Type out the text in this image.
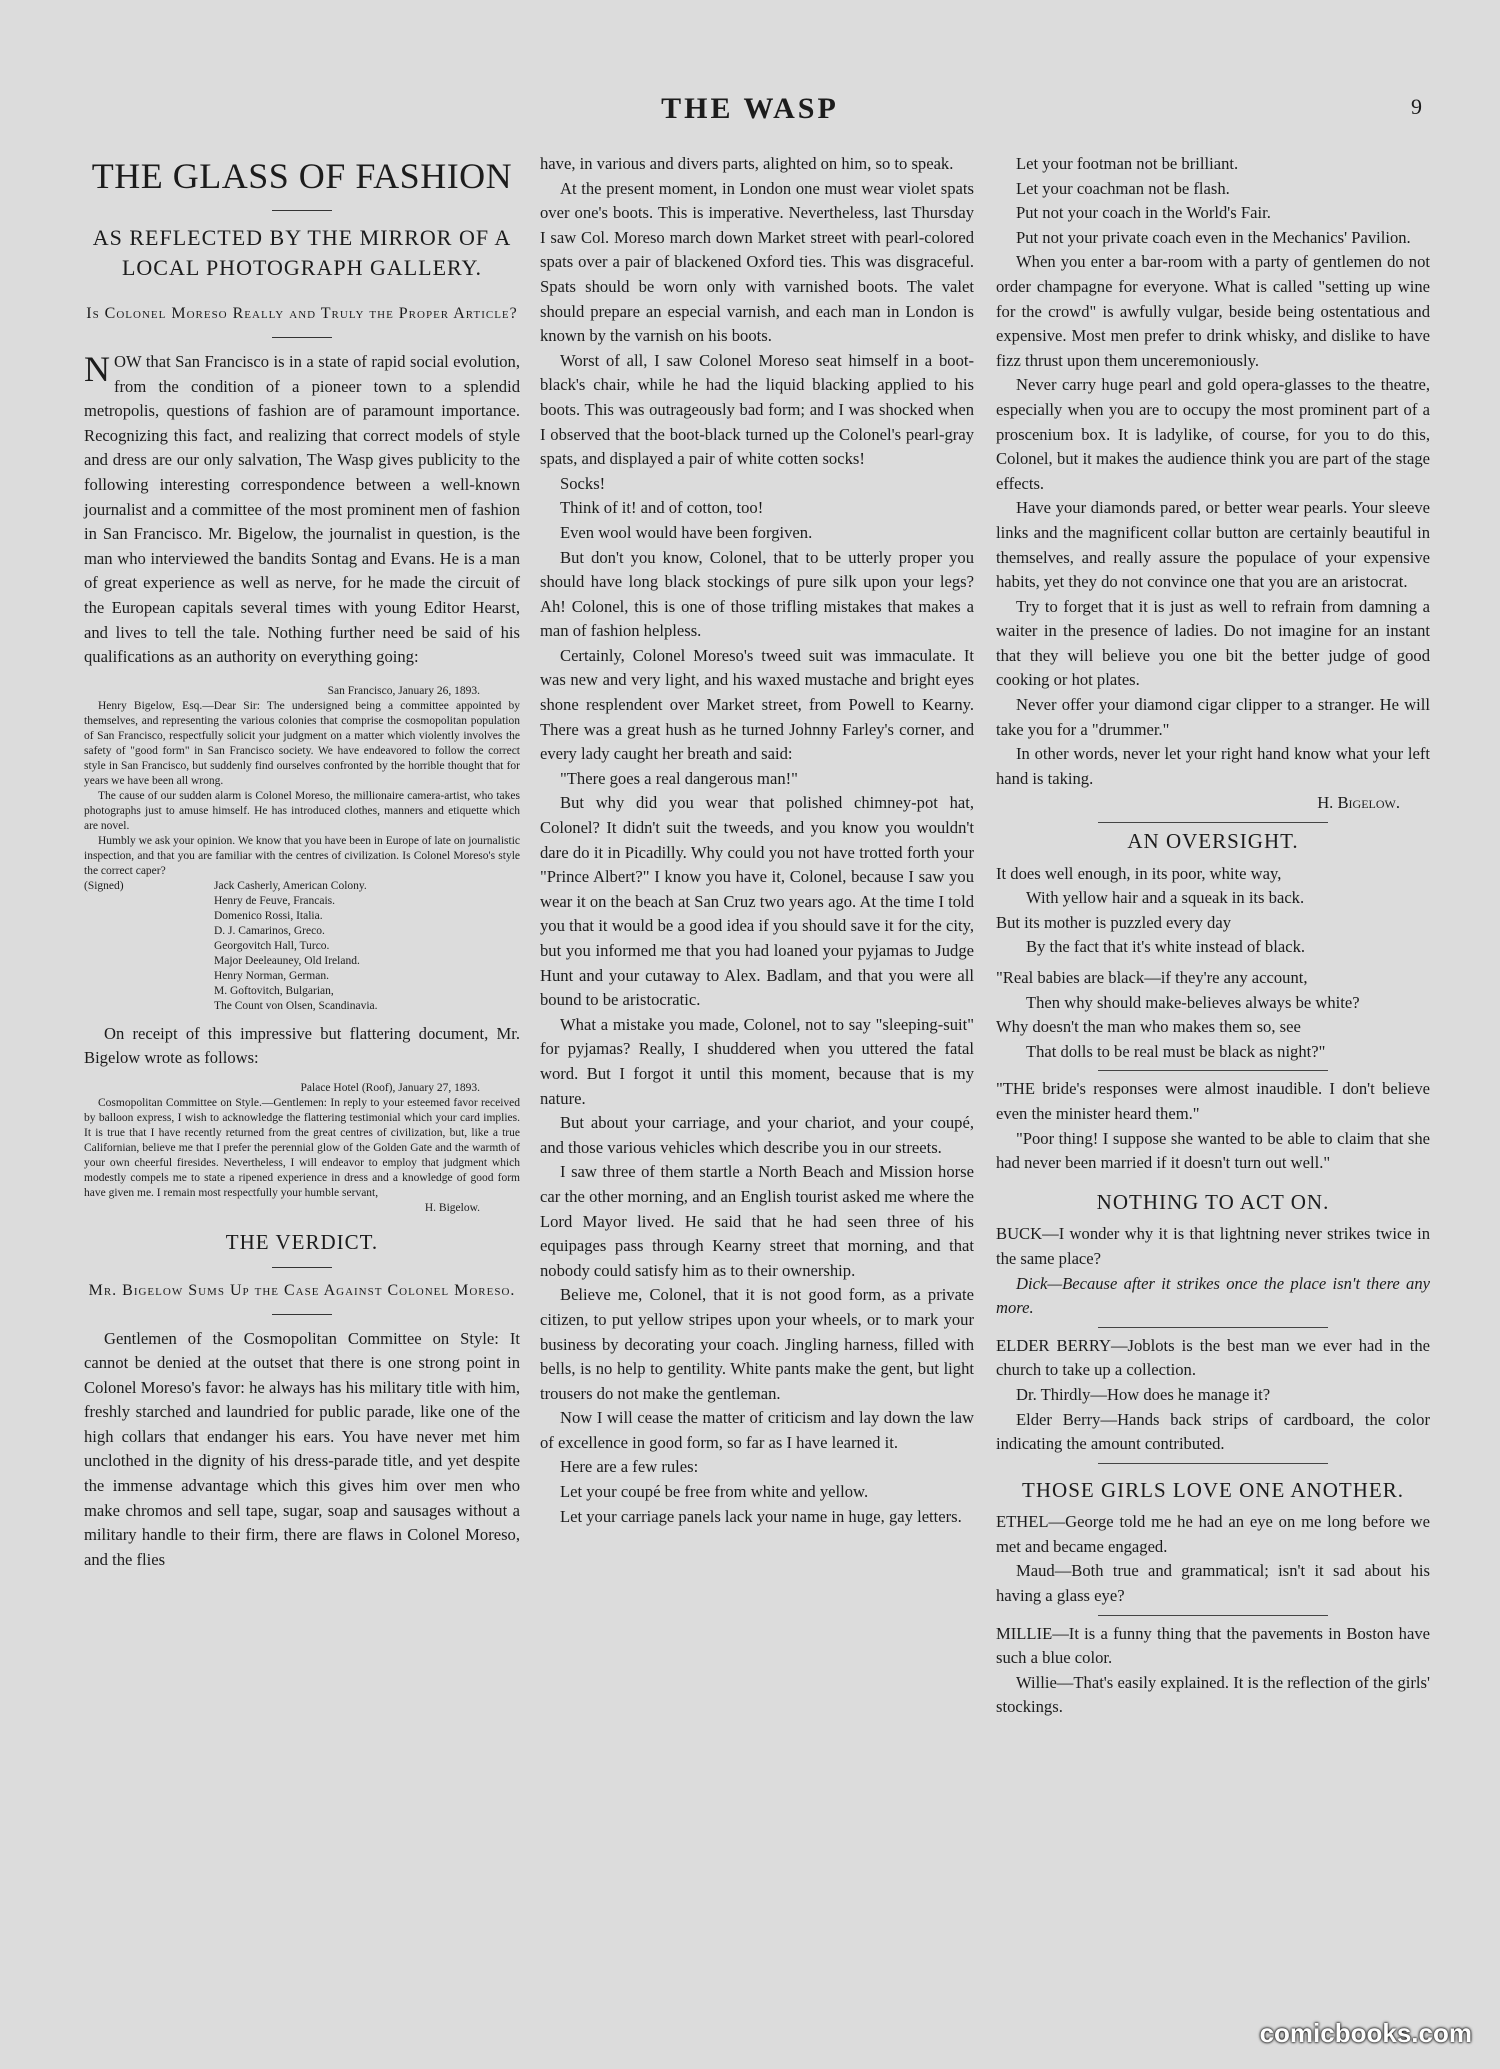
THE WASP	9
THE GLASS OF FASHION
AS REFLECTED BY THE MIRROR OF A LOCAL PHOTOGRAPH GALLERY.
Is Colonel Moreso Really and Truly the Proper Article?

NOW that San Francisco is in a state of rapid social evolution, from the condition of a pioneer town to a splendid metropolis, questions of fashion are of paramount importance. Recognizing this fact, and realizing that correct models of style and dress are our only salvation, The Wasp gives publicity to the following interesting correspondence between a well-known journalist and a committee of the most prominent men of fashion in San Francisco. Mr. Bigelow, the journalist in question, is the man who interviewed the bandits Sontag and Evans. He is a man of great experience as well as nerve, for he made the circuit of the European capitals several times with young Editor Hearst, and lives to tell the tale. Nothing further need be said of his qualifications as an authority on everything going:

San Francisco, January 26, 1893.

Henry Bigelow, Esq.—Dear Sir: The undersigned being a committee appointed by themselves, and representing the various colonies that comprise the cosmopolitan population of San Francisco, respectfully solicit your judgment on a matter which violently involves the safety of "good form" in San Francisco society. We have endeavored to follow the correct style in San Francisco, but suddenly find ourselves confronted by the horrible thought that for years we have been all wrong.

The cause of our sudden alarm is Colonel Moreso, the millionaire camera-artist, who takes photographs just to amuse himself. He has introduced clothes, manners and etiquette which are novel.

Humbly we ask your opinion. We know that you have been in Europe of late on journalistic inspection, and that you are familiar with the centres of civilization. Is Colonel Moreso's style the correct caper?

(Signed)	Jack Casherly, American Colony.
Henry de Feuve, Francais.
Domenico Rossi, Italia.
D. J. Camarinos, Greco.
Georgovitch Hall, Turco.
Major Deeleauney, Old Ireland.
Henry Norman, German.
M. Goftovitch, Bulgarian,
The Count von Olsen, Scandinavia.

On receipt of this impressive but flattering document, Mr. Bigelow wrote as follows:

Palace Hotel (Roof), January 27, 1893.

Cosmopolitan Committee on Style.—Gentlemen: In reply to your esteemed favor received by balloon express, I wish to acknowledge the flattering testimonial which your card implies. It is true that I have recently returned from the great centres of civilization, but, like a true Californian, believe me that I prefer the perennial glow of the Golden Gate and the warmth of your own cheerful firesides. Nevertheless, I will endeavor to employ that judgment which modestly compels me to state a ripened experience in dress and a knowledge of good form have given me. I remain most respectfully your humble servant,

H. Bigelow.

THE VERDICT.
Mr. Bigelow Sums Up the Case Against Colonel Moreso.

Gentlemen of the Cosmopolitan Committee on Style: It cannot be denied at the outset that there is one strong point in Colonel Moreso's favor: he always has his military title with him, freshly starched and laundried for public parade, like one of the high collars that endanger his ears. You have never met him unclothed in the dignity of his dress-parade title, and yet despite the immense advantage which this gives him over men who make chromos and sell tape, sugar, soap and sausages without a military handle to their firm, there are flaws in Colonel Moreso, and the flies

have, in various and divers parts, alighted on him, so to speak.

At the present moment, in London one must wear violet spats over one's boots. This is imperative. Nevertheless, last Thursday I saw Col. Moreso march down Market street with pearl-colored spats over a pair of blackened Oxford ties. This was disgraceful. Spats should be worn only with varnished boots. The valet should prepare an especial varnish, and each man in London is known by the varnish on his boots.

Worst of all, I saw Colonel Moreso seat himself in a boot-black's chair, while he had the liquid blacking applied to his boots. This was outrageously bad form; and I was shocked when I observed that the boot-black turned up the Colonel's pearl-gray spats, and displayed a pair of white cotten socks!

Socks!

Think of it! and of cotton, too!

Even wool would have been forgiven.

But don't you know, Colonel, that to be utterly proper you should have long black stockings of pure silk upon your legs? Ah! Colonel, this is one of those trifling mistakes that makes a man of fashion helpless.

Certainly, Colonel Moreso's tweed suit was immaculate. It was new and very light, and his waxed mustache and bright eyes shone resplendent over Market street, from Powell to Kearny. There was a great hush as he turned Johnny Farley's corner, and every lady caught her breath and said:

"There goes a real dangerous man!"

But why did you wear that polished chimney-pot hat, Colonel? It didn't suit the tweeds, and you know you wouldn't dare do it in Picadilly. Why could you not have trotted forth your "Prince Albert?" I know you have it, Colonel, because I saw you wear it on the beach at San Cruz two years ago. At the time I told you that it would be a good idea if you should save it for the city, but you informed me that you had loaned your pyjamas to Judge Hunt and your cutaway to Alex. Badlam, and that you were all bound to be aristocratic.

What a mistake you made, Colonel, not to say "sleeping-suit" for pyjamas? Really, I shuddered when you uttered the fatal word. But I forgot it until this moment, because that is my nature.

But about your carriage, and your chariot, and your coupé, and those various vehicles which describe you in our streets.

I saw three of them startle a North Beach and Mission horse car the other morning, and an English tourist asked me where the Lord Mayor lived. He said that he had seen three of his equipages pass through Kearny street that morning, and that nobody could satisfy him as to their ownership.

Believe me, Colonel, that it is not good form, as a private citizen, to put yellow stripes upon your wheels, or to mark your business by decorating your coach. Jingling harness, filled with bells, is no help to gentility. White pants make the gent, but light trousers do not make the gentleman.

Now I will cease the matter of criticism and lay down the law of excellence in good form, so far as I have learned it.

Here are a few rules:

Let your coupé be free from white and yellow.

Let your carriage panels lack your name in huge, gay letters.

Let your footman not be brilliant.

Let your coachman not be flash.

Put not your coach in the World's Fair.

Put not your private coach even in the Mechanics' Pavilion.

When you enter a bar-room with a party of gentlemen do not order champagne for everyone. What is called "setting up wine for the crowd" is awfully vulgar, beside being ostentatious and expensive. Most men prefer to drink whisky, and dislike to have fizz thrust upon them unceremoniously.

Never carry huge pearl and gold opera-glasses to the theatre, especially when you are to occupy the most prominent part of a proscenium box. It is ladylike, of course, for you to do this, Colonel, but it makes the audience think you are part of the stage effects.

Have your diamonds pared, or better wear pearls. Your sleeve links and the magnificent collar button are certainly beautiful in themselves, and really assure the populace of your expensive habits, yet they do not convince one that you are an aristocrat.

Try to forget that it is just as well to refrain from damning a waiter in the presence of ladies. Do not imagine for an instant that they will believe you one bit the better judge of good cooking or hot plates.

Never offer your diamond cigar clipper to a stranger. He will take you for a "drummer."

In other words, never let your right hand know what your left hand is taking.

H. Bigelow.
AN OVERSIGHT.

It does well enough, in its poor, white way,

With yellow hair and a squeak in its back.

But its mother is puzzled every day

By the fact that it's white instead of black.

"Real babies are black—if they're any account,

Then why should make-believes always be white?

Why doesn't the man who makes them so, see

That dolls to be real must be black as night?"

"THE bride's responses were almost inaudible. I don't believe even the minister heard them."

"Poor thing! I suppose she wanted to be able to claim that she had never been married if it doesn't turn out well."

NOTHING TO ACT ON.

BUCK—I wonder why it is that lightning never strikes twice in the same place?

Dick—Because after it strikes once the place isn't there any more.

ELDER BERRY—Joblots is the best man we ever had in the church to take up a collection.

Dr. Thirdly—How does he manage it?

Elder Berry—Hands back strips of cardboard, the color indicating the amount contributed.

THOSE GIRLS LOVE ONE ANOTHER.

ETHEL—George told me he had an eye on me long before we met and became engaged.

Maud—Both true and grammatical; isn't it sad about his having a glass eye?

MILLIE—It is a funny thing that the pavements in Boston have such a blue color.

Willie—That's easily explained. It is the reflection of the girls' stockings.

comicbooks.com
